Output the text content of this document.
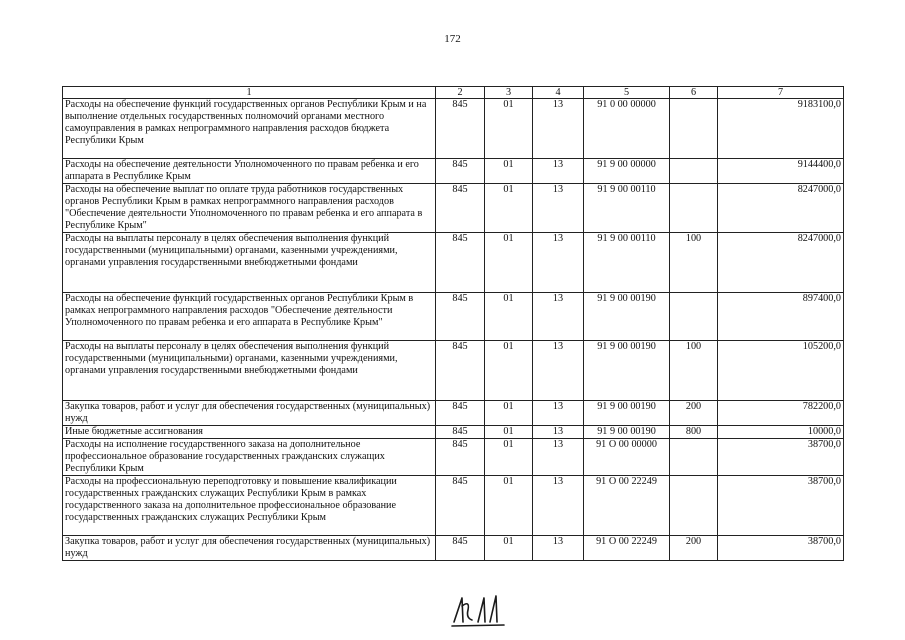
172
1	2	3	4	5	6	7
Расходы на обеспечение функций государственных органов Республики Крым и на выполнение отдельных государственных полномочий органами местного самоуправления в рамках непрограммного направления расходов бюджета Республики Крым	845	01	13	91 0 00 00000		9183100,0
Расходы на обеспечение деятельности Уполномоченного по правам ребенка и его аппарата в Республике Крым	845	01	13	91 9 00 00000		9144400,0
Расходы на обеспечение выплат по оплате труда работников государственных органов Республики Крым в рамках непрограммного направления расходов "Обеспечение деятельности Уполномоченного по правам ребенка и его аппарата в Республике Крым"	845	01	13	91 9 00 00110		8247000,0
Расходы на выплаты персоналу в целях обеспечения выполнения функций государственными (муниципальными) органами, казенными учреждениями, органами управления государственными внебюджетными фондами	845	01	13	91 9 00 00110	100	8247000,0
Расходы на обеспечение функций государственных органов Республики Крым в рамках непрограммного направления расходов "Обеспечение деятельности Уполномоченного по правам ребенка и его аппарата в Республике Крым"	845	01	13	91 9 00 00190		897400,0
Расходы на выплаты персоналу в целях обеспечения выполнения функций государственными (муниципальными) органами, казенными учреждениями, органами управления государственными внебюджетными фондами	845	01	13	91 9 00 00190	100	105200,0
Закупка товаров, работ и услуг для обеспечения государственных (муниципальных) нужд	845	01	13	91 9 00 00190	200	782200,0
Иные бюджетные ассигнования	845	01	13	91 9 00 00190	800	10000,0
Расходы на исполнение государственного заказа на дополнительное профессиональное образование государственных гражданских служащих Республики Крым	845	01	13	91 О 00 00000		38700,0
Расходы на профессиональную переподготовку и повышение квалификации государственных гражданских служащих Республики Крым в рамках государственного заказа на дополнительное профессиональное образование государственных гражданских служащих Республики Крым	845	01	13	91 О 00 22249		38700,0
Закупка товаров, работ и услуг для обеспечения государственных (муниципальных) нужд	845	01	13	91 О 00 22249	200	38700,0
